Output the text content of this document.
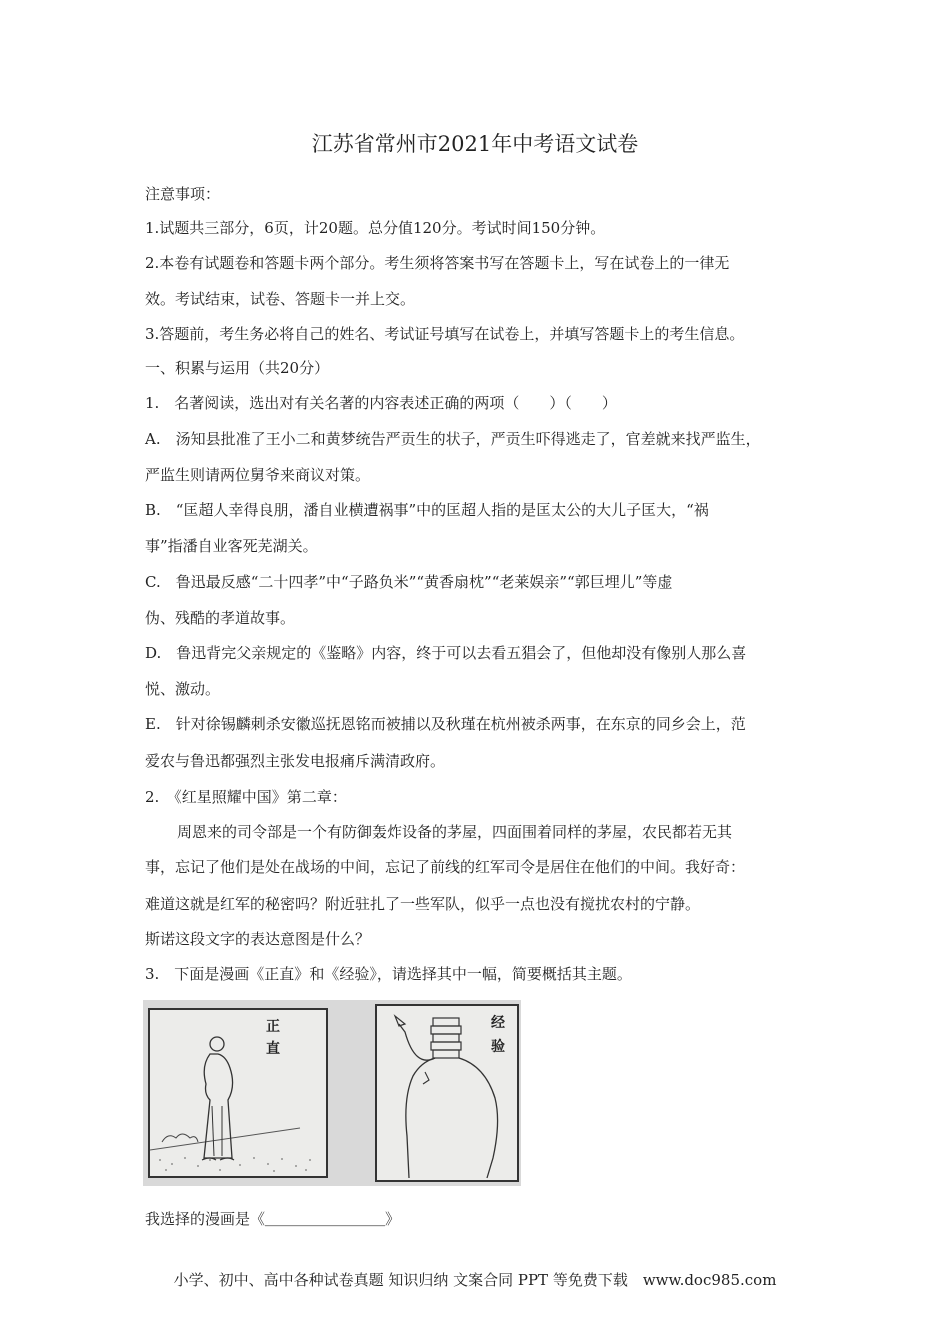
江苏省常州市2021年中考语文试卷
注意事项：
1.试题共三部分，6页，计20题。总分值120分。考试时间150分钟。
2.本卷有试题卷和答题卡两个部分。考生须将答案书写在答题卡上，写在试卷上的一律无
效。考试结束，试卷、答题卡一并上交。
3.答题前，考生务必将自己的姓名、考试证号填写在试卷上，并填写答题卡上的考生信息。
一、积累与运用（共20分）
1.　名著阅读，选出对有关名著的内容表述正确的两项（　　）（　　）
A.　汤知县批准了王小二和黄梦统告严贡生的状子，严贡生吓得逃走了，官差就来找严监生，
严监生则请两位舅爷来商议对策。
B.　“匡超人幸得良朋，潘自业横遭祸事”中的匡超人指的是匡太公的大儿子匡大，“祸
事”指潘自业客死芜湖关。
C.　鲁迅最反感“二十四孝”中“子路负米”“黄香扇枕”“老莱娱亲”“郭巨埋儿”等虚
伪、残酷的孝道故事。
D.　鲁迅背完父亲规定的《鉴略》内容，终于可以去看五猖会了，但他却没有像别人那么喜
悦、激动。
E.　针对徐锡麟刺杀安徽巡抚恩铭而被捕以及秋瑾在杭州被杀两事，在东京的同乡会上，范
爱农与鲁迅都强烈主张发电报痛斥满清政府。
2.　《红星照耀中国》第二章：
周恩来的司令部是一个有防御轰炸设备的茅屋，四面围着同样的茅屋，农民都若无其
事，忘记了他们是处在战场的中间，忘记了前线的红军司令是居住在他们的中间。我好奇：
难道这就是红军的秘密吗？附近驻扎了一些军队，似乎一点也没有搅扰农村的宁静。
斯诺这段文字的表达意图是什么？
3.　下面是漫画《正直》和《经验》，请选择其中一幅，简要概括其主题。
正
直
经
验
我选择的漫画是《＿＿＿＿＿＿＿＿》
小学、初中、高中各种试卷真题 知识归纳 文案合同 PPT 等免费下载　www.doc985.com
